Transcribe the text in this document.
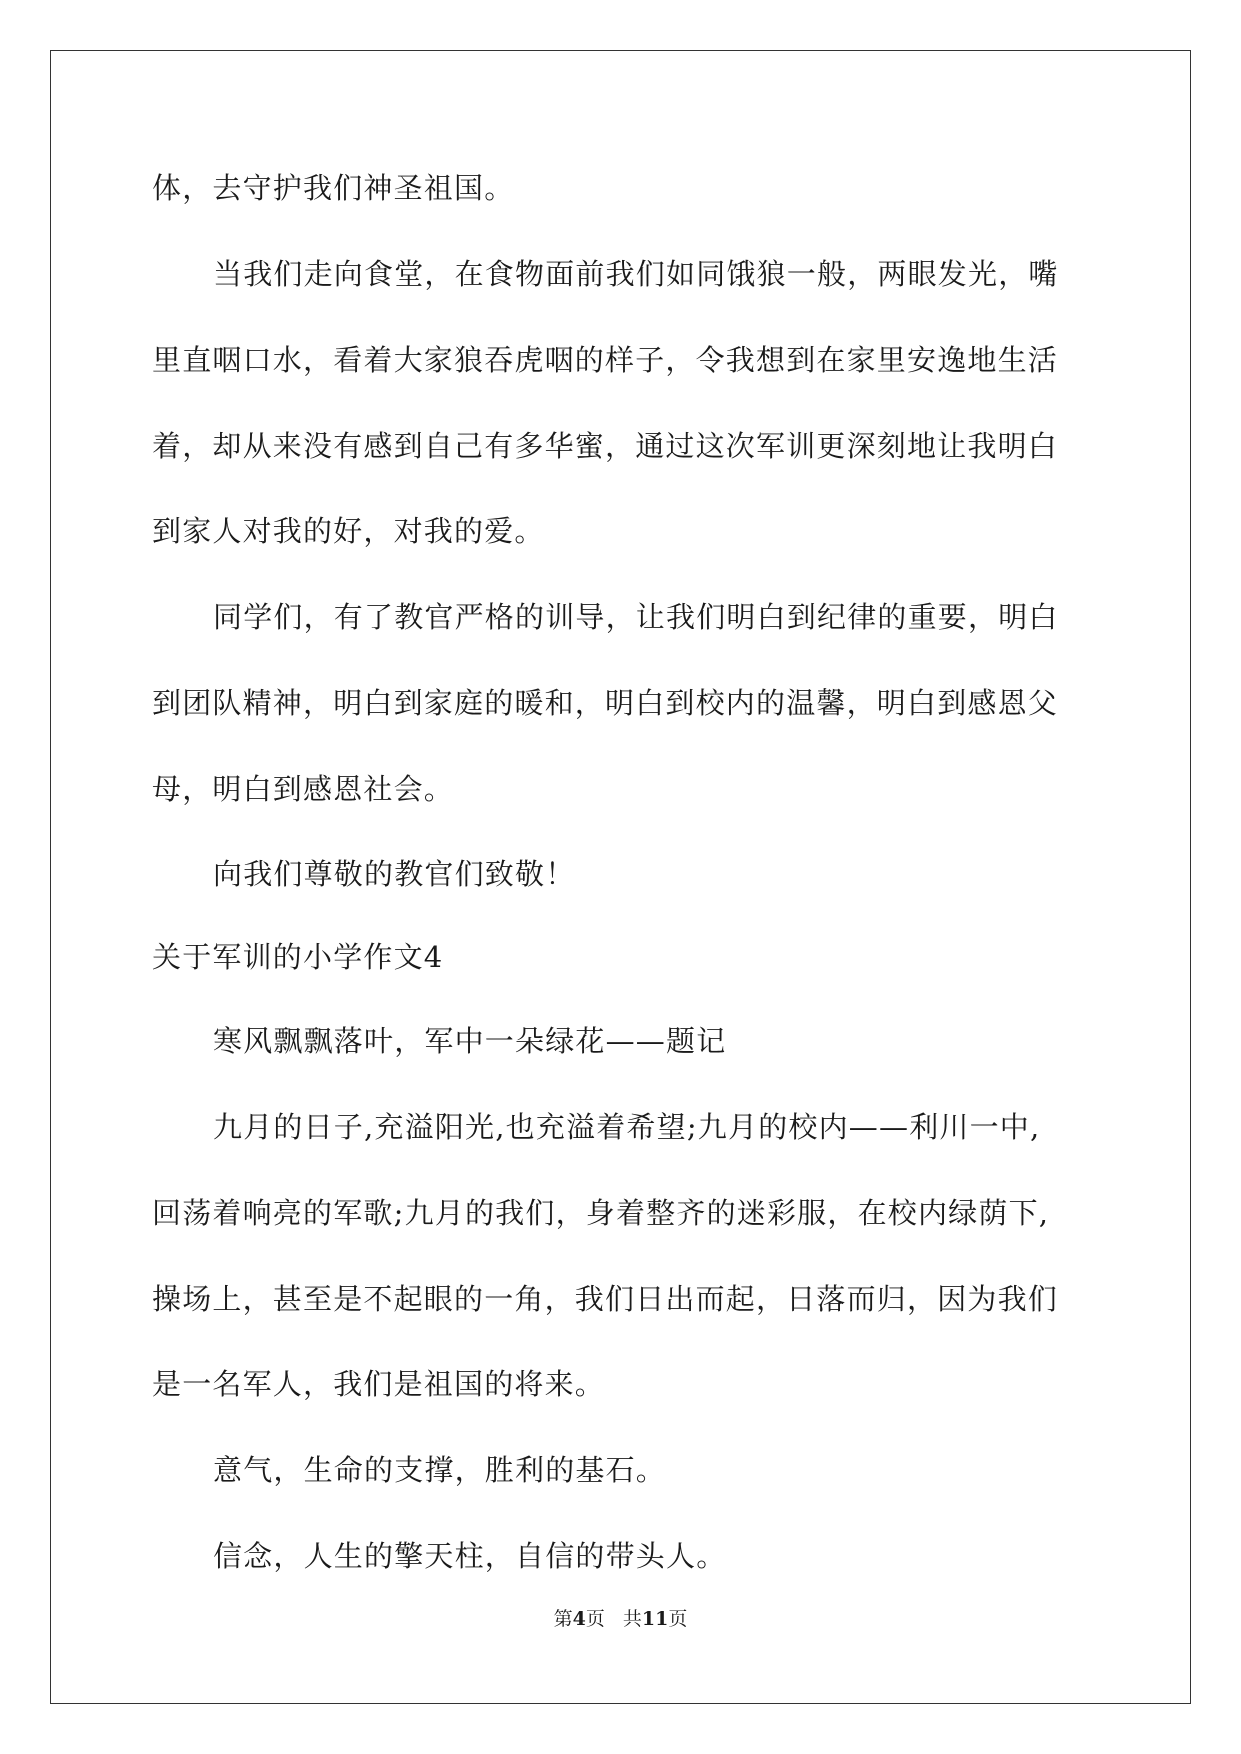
体，去守护我们神圣祖国。
当我们走向食堂，在食物面前我们如同饿狼一般，两眼发光，嘴
里直咽口水，看着大家狼吞虎咽的样子，令我想到在家里安逸地生活
着，却从来没有感到自己有多华蜜，通过这次军训更深刻地让我明白
到家人对我的好，对我的爱。
同学们，有了教官严格的训导，让我们明白到纪律的重要，明白
到团队精神，明白到家庭的暖和，明白到校内的温馨，明白到感恩父
母，明白到感恩社会。
向我们尊敬的教官们致敬！
关于军训的小学作文4
寒风飘飘落叶，军中一朵绿花——题记
九月的日子,充溢阳光,也充溢着希望;九月的校内——利川一中,
回荡着响亮的军歌;九月的我们，身着整齐的迷彩服，在校内绿荫下,
操场上，甚至是不起眼的一角，我们日出而起，日落而归，因为我们
是一名军人，我们是祖国的将来。
意气，生命的支撑，胜利的基石。
信念，人生的擎天柱，自信的带头人。
第4页 共11页
